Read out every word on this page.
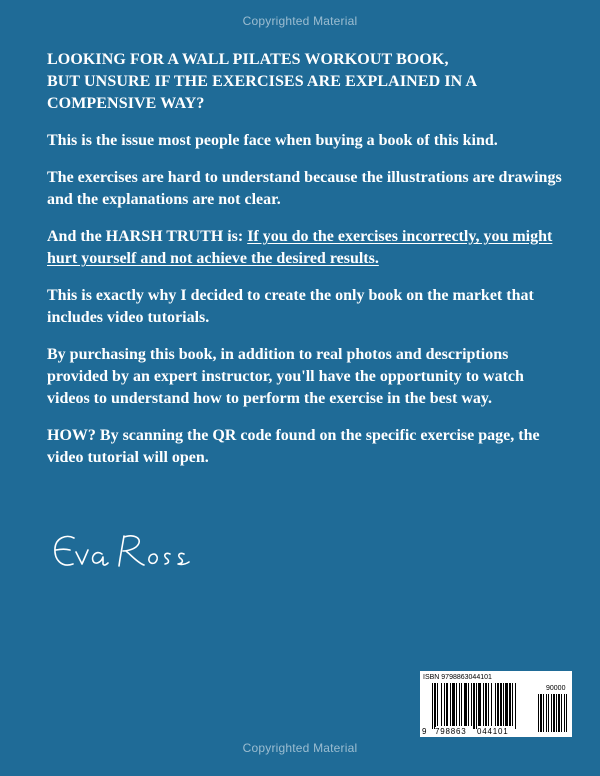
Copyrighted Material
LOOKING FOR A WALL PILATES WORKOUT BOOK,
BUT UNSURE IF THE EXERCISES ARE EXPLAINED IN A
COMPENSIVE WAY?

This is the issue most people face when buying a book of this kind.

The exercises are hard to understand because the illustrations are drawings and the explanations are not clear.

And the HARSH TRUTH is: If you do the exercises incorrectly, you might hurt yourself and not achieve the desired results.

This is exactly why I decided to create the only book on the market that includes video tutorials.

By purchasing this book, in addition to real photos and descriptions provided by an expert instructor, you'll have the opportunity to watch videos to understand how to perform the exercise in the best way.

HOW? By scanning the QR code found on the specific exercise page, the video tutorial will open.

ISBN 9798863044101
90000
9 798863 044101
Copyrighted Material
